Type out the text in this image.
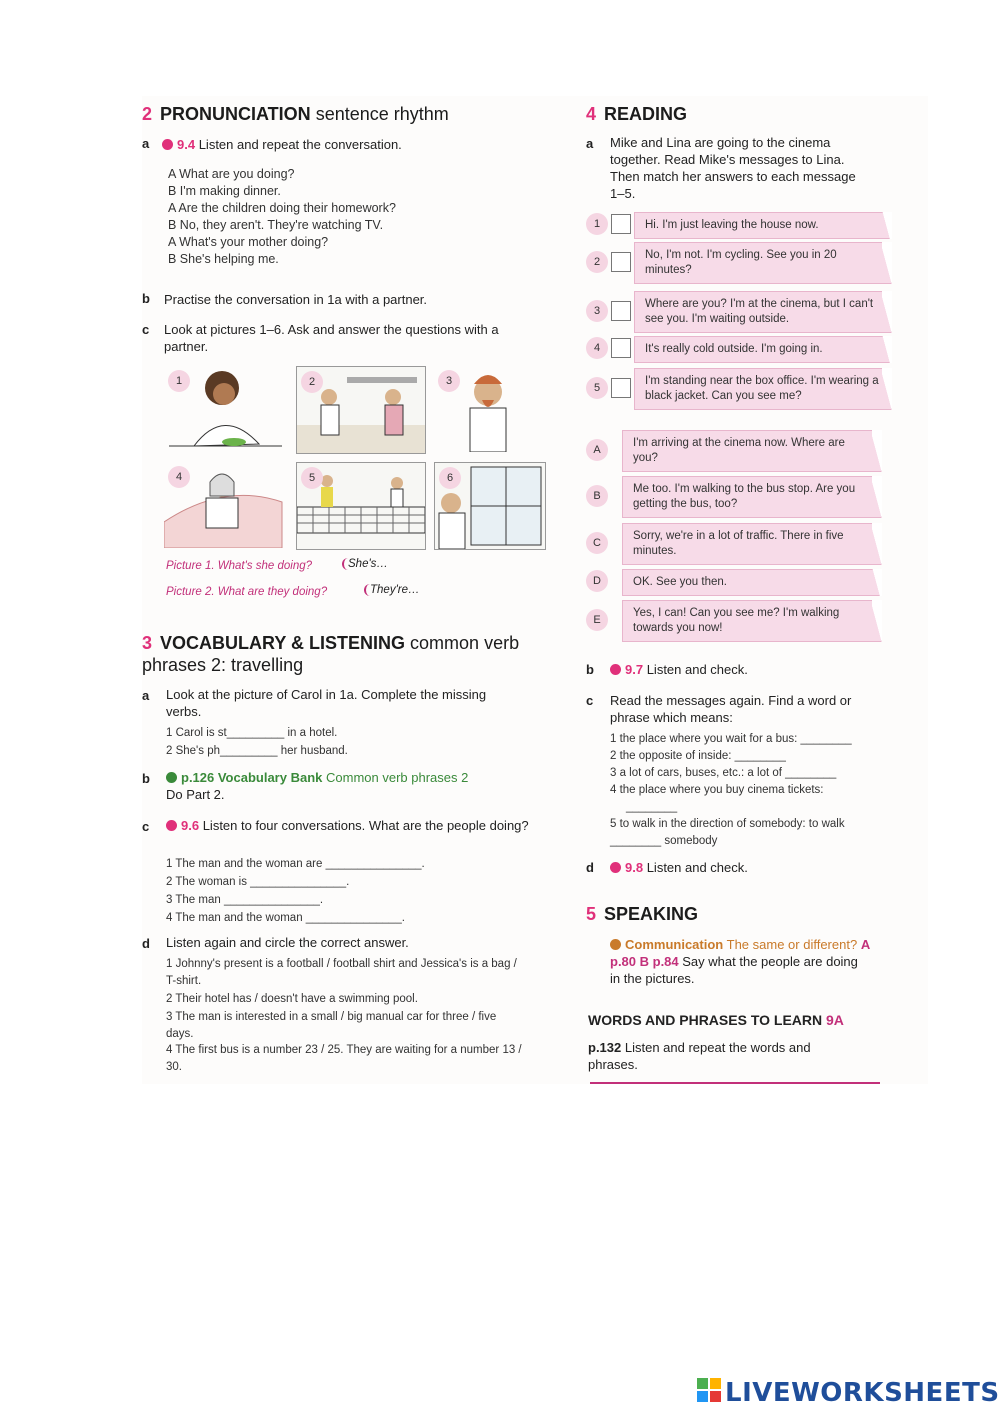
2 PRONUNCIATION sentence rhythm
a	9.4 Listen and repeat the conversation.
A What are you doing?
B I'm making dinner.
A Are the children doing their homework?
B No, they aren't. They're watching TV.
A What's your mother doing?
B She's helping me.
b Practise the conversation in 1a with a partner.
c Look at pictures 1–6. Ask and answer the questions with a partner.
1	2	3
4	5	6
Picture 1. What's she doing?	She's…
Picture 2. What are they doing?	They're…
3 VOCABULARY & LISTENING common verb phrases 2: travelling
a Look at the picture of Carol in 1a. Complete the missing verbs.
1 Carol is st_________ in a hotel.
2 She's ph_________ her husband.
b	p.126 Vocabulary Bank Common verb phrases 2
Do Part 2.
c	9.6 Listen to four conversations. What are the people doing?
1 The man and the woman are _______________.
2 The woman is _______________.
3 The man _______________.
4 The man and the woman _______________.
d Listen again and circle the correct answer.
1 Johnny's present is a football / football shirt and Jessica's is a bag / T-shirt.
2 Their hotel has / doesn't have a swimming pool.
3 The man is interested in a small / big manual car for three / five days.
4 The first bus is a number 23 / 25. They are waiting for a number 13 / 30.
4 READING
a Mike and Lina are going to the cinema together. Read Mike's messages to Lina. Then match her answers to each message 1–5.
1	Hi. I'm just leaving the house now.
2
No, I'm not. I'm cycling. See you in 20 minutes?
3
Where are you? I'm at the cinema, but I can't see you. I'm waiting outside.
4	It's really cold outside. I'm going in.
5
I'm standing near the box office. I'm wearing a black jacket. Can you see me?
A
I'm arriving at the cinema now. Where are you?
B
Me too. I'm walking to the bus stop. Are you getting the bus, too?
C
Sorry, we're in a lot of traffic. There in five minutes.
D	OK. See you then.
E
Yes, I can! Can you see me? I'm walking towards you now!
b	9.7 Listen and check.
c Read the messages again. Find a word or phrase which means:
1 the place where you wait for a bus: ________
2 the opposite of inside: ________
3 a lot of cars, buses, etc.: a lot of ________
4 the place where you buy cinema tickets:
________
5 to walk in the direction of somebody: to walk ________ somebody
d	9.8 Listen and check.
5 SPEAKING
Communication The same or different? A p.80 B p.84 Say what the people are doing in the pictures.
WORDS AND PHRASES TO LEARN 9A
p.132 Listen and repeat the words and phrases.
LIVEWORKSHEETS
